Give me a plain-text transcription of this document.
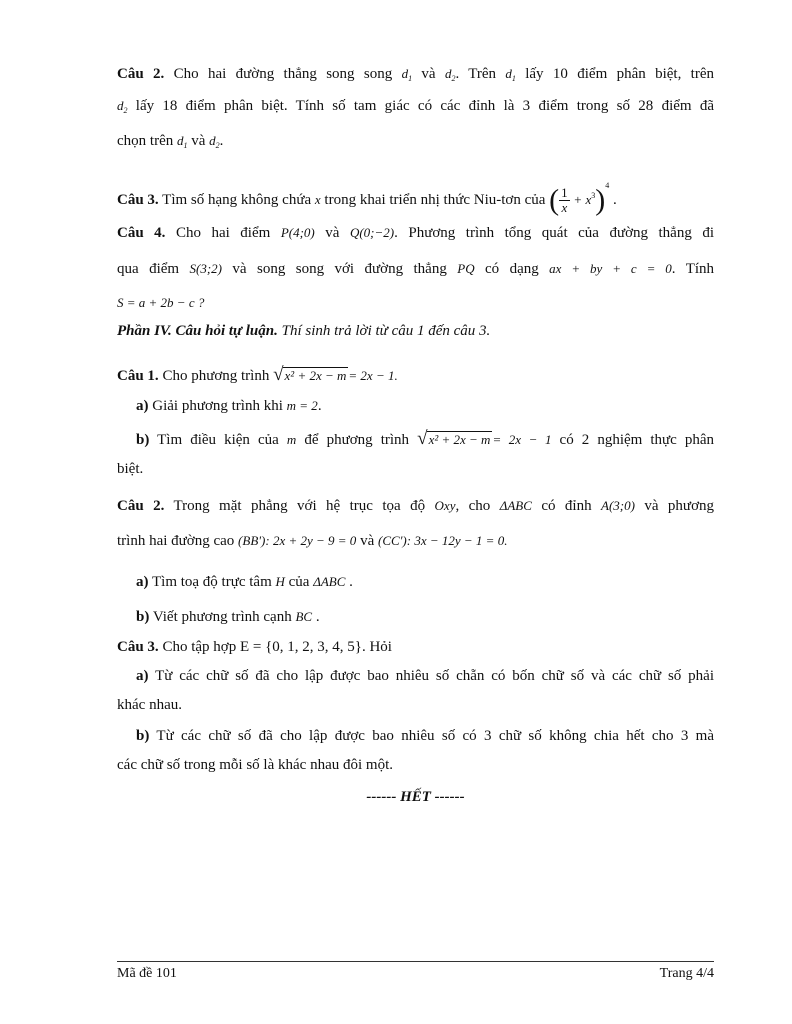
Câu 2. Cho hai đường thẳng song song $d_1$ và $d_2$. Trên $d_1$ lấy 10 điểm phân biệt, trên
$d_2$ lấy 18 điểm phân biệt. Tính số tam giác có các đỉnh là 3 điểm trong số 28 điểm đã
chọn trên $d_1$ và $d_2$.
Câu 3. Tìm số hạng không chứa x trong khai triển nhị thức Niu-tơn của ( $\frac{1}{x} + x^3)^4$ .
Câu 4. Cho hai điểm P(4;0) và Q(0;−2). Phương trình tổng quát của đường thẳng đi
qua điểm S(3;2) và song song với đường thẳng PQ có dạng ax + by + c = 0. Tính
S = a + 2b − c ?
Phần IV. Câu hỏi tự luận. Thí sinh trả lời từ câu 1 đến câu 3.
Câu 1. Cho phương trình √x² + 2x − m = 2x − 1.
a) Giải phương trình khi m = 2.
b) Tìm điều kiện của m để phương trình √x² + 2x − m = 2x − 1 có 2 nghiệm thực phân
biệt.
Câu 2. Trong mặt phẳng với hệ trục tọa độ Oxy, cho ΔABC có đỉnh A(3;0) và phương
trình hai đường cao (BB'): 2x + 2y − 9 = 0 và (CC'): 3x − 12y − 1 = 0.
a) Tìm toạ độ trực tâm H của ΔABC .
b) Viết phương trình cạnh BC .
Câu 3. Cho tập hợp E = {0, 1, 2, 3, 4, 5}. Hỏi
a) Từ các chữ số đã cho lập được bao nhiêu số chẵn có bốn chữ số và các chữ số phải
khác nhau.
b) Từ các chữ số đã cho lập được bao nhiêu số có 3 chữ số không chia hết cho 3 mà
các chữ số trong mỗi số là khác nhau đôi một.
------ HẾT ------
Mã đề 101	Trang 4/4
